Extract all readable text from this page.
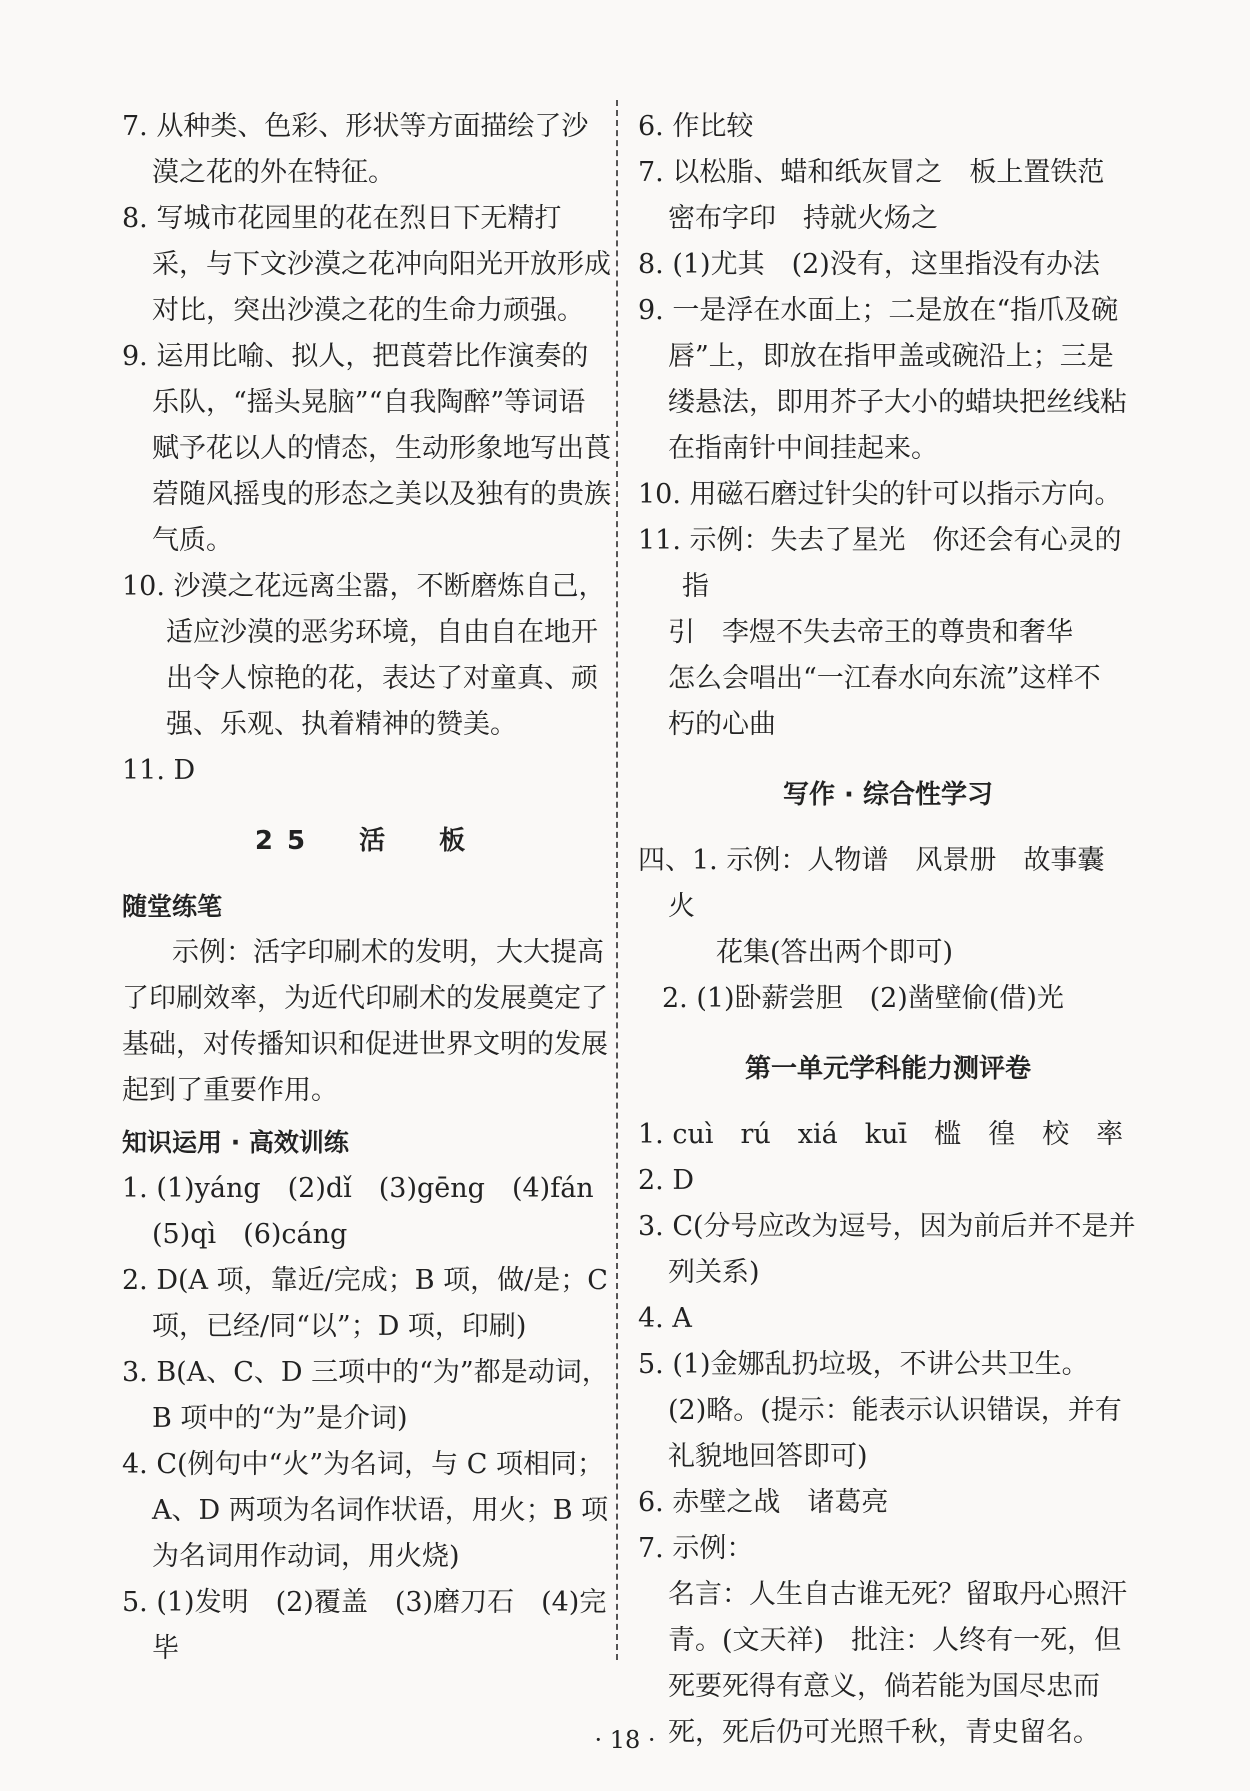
7. 从种类、色彩、形状等方面描绘了沙漠之花的外在特征。
8. 写城市花园里的花在烈日下无精打采，与下文沙漠之花冲向阳光开放形成对比，突出沙漠之花的生命力顽强。
9. 运用比喻、拟人，把莨菪比作演奏的乐队，“摇头晃脑”“自我陶醉”等词语赋予花以人的情态，生动形象地写出莨菪随风摇曳的形态之美以及独有的贵族气质。
10. 沙漠之花远离尘嚣，不断磨炼自己，适应沙漠的恶劣环境，自由自在地开出令人惊艳的花，表达了对童真、顽强、乐观、执着精神的赞美。
11. D
25　活　板
随堂练笔
示例：活字印刷术的发明，大大提高了印刷效率，为近代印刷术的发展奠定了基础，对传播知识和促进世界文明的发展起到了重要作用。
知识运用 · 高效训练
1. (1)yáng　(2)dǐ　(3)gēng　(4)fán
(5)qì　(6)cáng
2. D(A 项，靠近/完成；B 项，做/是；C 项，已经/同“以”；D 项，印刷)
3. B(A、C、D 三项中的“为”都是动词，B 项中的“为”是介词)
4. C(例句中“火”为名词，与 C 项相同；A、D 两项为名词作状语，用火；B 项为名词用作动词，用火烧)
5. (1)发明　(2)覆盖　(3)磨刀石　(4)完毕
6. 作比较
7. 以松脂、蜡和纸灰冒之　板上置铁范
密布字印　持就火炀之
8. (1)尤其　(2)没有，这里指没有办法
9. 一是浮在水面上；二是放在“指爪及碗唇”上，即放在指甲盖或碗沿上；三是缕悬法，即用芥子大小的蜡块把丝线粘在指南针中间挂起来。
10. 用磁石磨过针尖的针可以指示方向。
11. 示例：失去了星光　你还会有心灵的指
引　李煜不失去帝王的尊贵和奢华
怎么会唱出“一江春水向东流”这样不
朽的心曲
写作 · 综合性学习
四、1. 示例：人物谱　风景册　故事囊　火
花集(答出两个即可)
2. (1)卧薪尝胆　(2)凿壁偷(借)光
第一单元学科能力测评卷
1. cuì　rú　xiá　kuī　槛　徨　校　率
2. D
3. C(分号应改为逗号，因为前后并不是并列关系)
4. A
5. (1)金娜乱扔垃圾，不讲公共卫生。
(2)略。(提示：能表示认识错误，并有礼貌地回答即可)
6. 赤壁之战　诸葛亮
7. 示例：
名言：人生自古谁无死？留取丹心照汗青。(文天祥)　批注：人终有一死，但死要死得有意义，倘若能为国尽忠而死，死后仍可光照千秋，青史留名。
· 18 ·
